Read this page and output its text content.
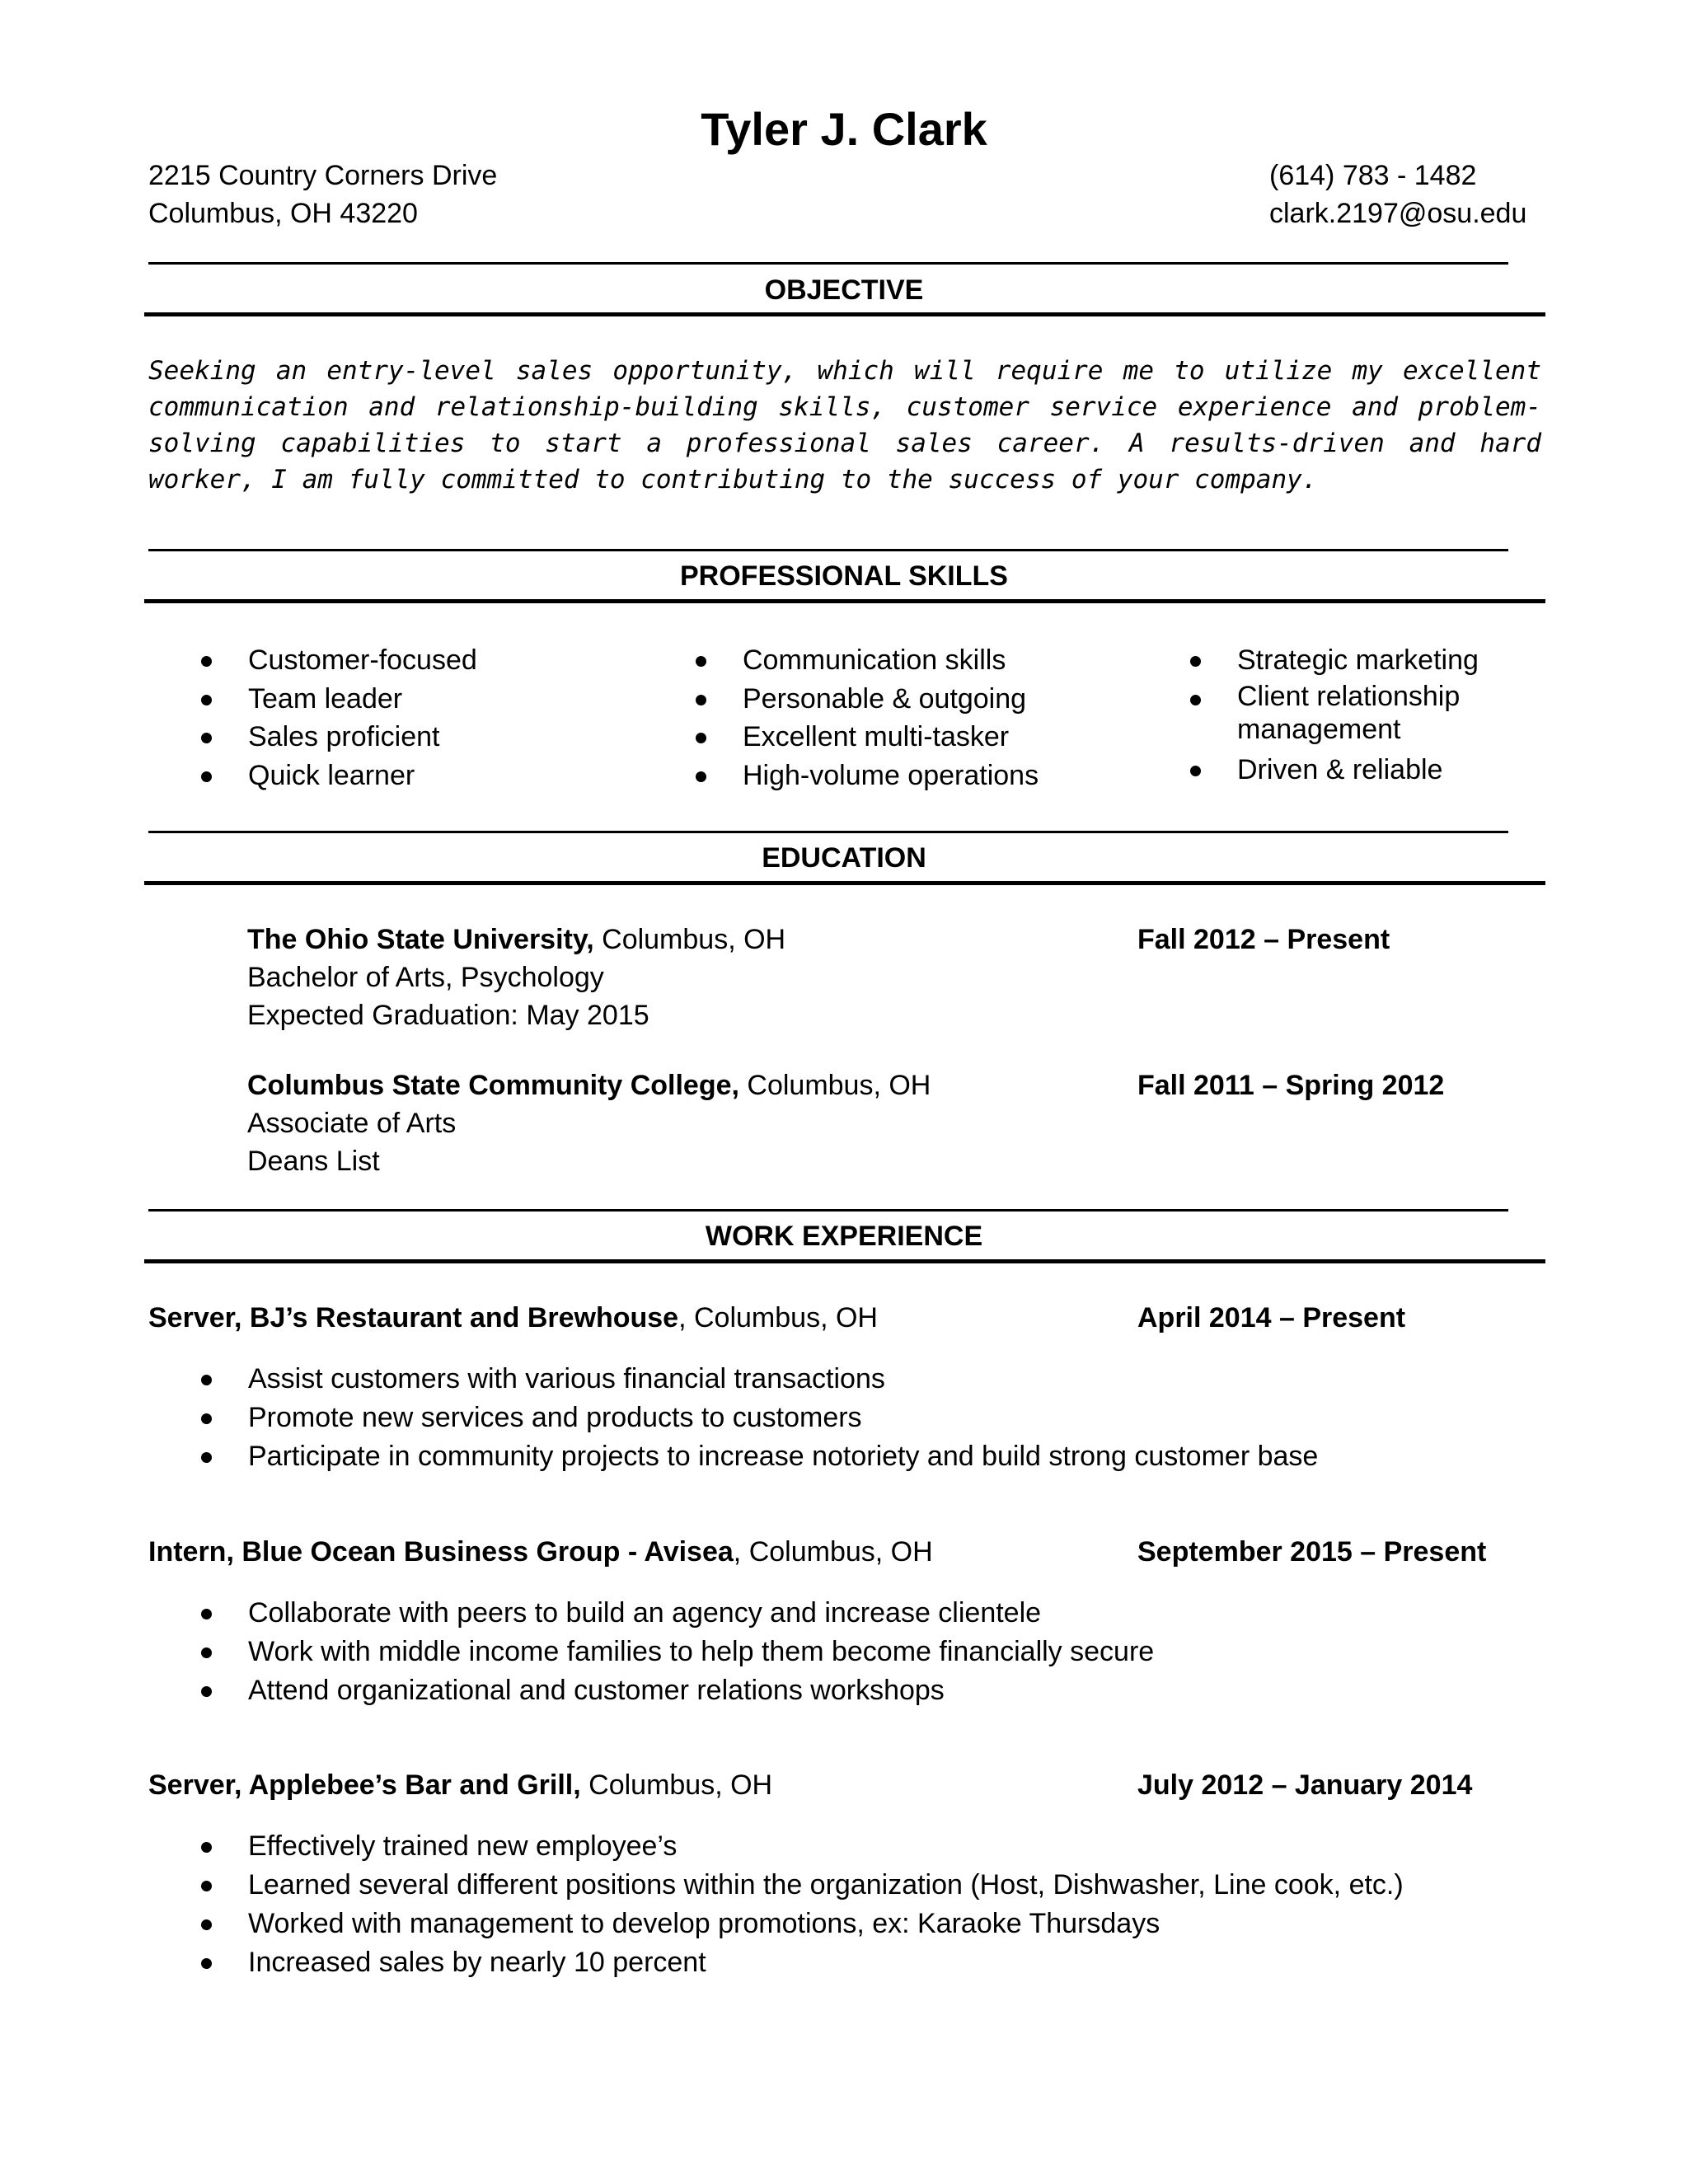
Tyler J. Clark
2215 Country Corners Drive
Columbus, OH 43220
(614) 783 - 1482
clark.2197@osu.edu
OBJECTIVE
Seeking an entry-level sales opportunity, which will require me to utilize my excellent communication and relationship-building skills, customer service experience and problem-solving capabilities to start a professional sales career. A results-driven and hard worker, I am fully committed to contributing to the success of your company.
PROFESSIONAL SKILLS
Customer-focused
Team leader
Sales proficient
Quick learner
Communication skills
Personable & outgoing
Excellent multi-tasker
High-volume operations
Strategic marketing
Client relationship management
Driven & reliable
EDUCATION
The Ohio State University, Columbus, OH	Fall 2012 – Present
Bachelor of Arts, Psychology
Expected Graduation: May 2015
Columbus State Community College, Columbus, OH	Fall 2011 – Spring 2012
Associate of Arts
Deans List
WORK EXPERIENCE
Server, BJ’s Restaurant and Brewhouse, Columbus, OH	April 2014 – Present
Assist customers with various financial transactions
Promote new services and products to customers
Participate in community projects to increase notoriety and build strong customer base
Intern, Blue Ocean Business Group - Avisea, Columbus, OH	September 2015 – Present
Collaborate with peers to build an agency and increase clientele
Work with middle income families to help them become financially secure
Attend organizational and customer relations workshops
Server, Applebee’s Bar and Grill, Columbus, OH	July 2012 – January 2014
Effectively trained new employee’s
Learned several different positions within the organization (Host, Dishwasher, Line cook, etc.)
Worked with management to develop promotions, ex: Karaoke Thursdays
Increased sales by nearly 10 percent
